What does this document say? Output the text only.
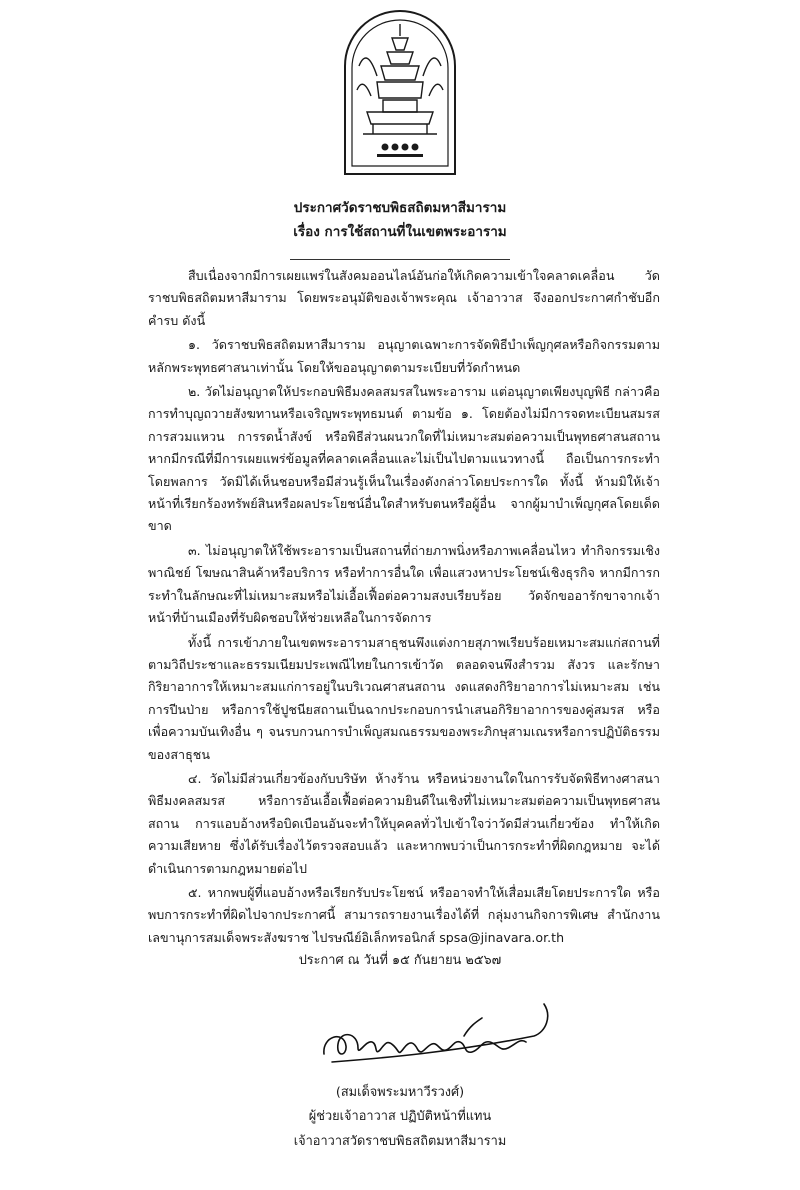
ประกาศวัดราชบพิธสถิตมหาสีมาราม
เรื่อง การใช้สถานที่ในเขตพระอาราม

สืบเนื่องจากมีการเผยแพร่ในสังคมออนไลน์อันก่อให้เกิดความเข้าใจคลาดเคลื่อน วัดราชบพิธสถิตมหาสีมาราม โดยพระอนุมัติของเจ้าพระคุณ เจ้าอาวาส จึงออกประกาศกำชับอีกคำรบ ดังนี้

๑. วัดราชบพิธสถิตมหาสีมาราม อนุญาตเฉพาะการจัดพิธีบำเพ็ญกุศลหรือกิจกรรมตามหลักพระพุทธศาสนาเท่านั้น โดยให้ขออนุญาตตามระเบียบที่วัดกำหนด

๒. วัดไม่อนุญาตให้ประกอบพิธีมงคลสมรสในพระอาราม แต่อนุญาตเพียงบุญพิธี กล่าวคือ การทำบุญถวายสังฆทานหรือเจริญพระพุทธมนต์ ตามข้อ ๑. โดยต้องไม่มีการจดทะเบียนสมรส การสวมแหวน การรดน้ำสังข์ หรือพิธีส่วนผนวกใดที่ไม่เหมาะสมต่อความเป็นพุทธศาสนสถาน หากมีกรณีที่มีการเผยแพร่ข้อมูลที่คลาดเคลื่อนและไม่เป็นไปตามแนวทางนี้ ถือเป็นการกระทำโดยพลการ วัดมิได้เห็นชอบหรือมีส่วนรู้เห็นในเรื่องดังกล่าวโดยประการใด ทั้งนี้ ห้ามมิให้เจ้าหน้าที่เรียกร้องทรัพย์สินหรือผลประโยชน์อื่นใดสำหรับตนหรือผู้อื่น จากผู้มาบำเพ็ญกุศลโดยเด็ดขาด

๓. ไม่อนุญาตให้ใช้พระอารามเป็นสถานที่ถ่ายภาพนิ่งหรือภาพเคลื่อนไหว ทำกิจกรรมเชิงพาณิชย์ โฆษณาสินค้าหรือบริการ หรือทำการอื่นใด เพื่อแสวงหาประโยชน์เชิงธุรกิจ หากมีการกระทำในลักษณะที่ไม่เหมาะสมหรือไม่เอื้อเฟื้อต่อความสงบเรียบร้อย วัดจักขออารักขาจากเจ้าหน้าที่บ้านเมืองที่รับผิดชอบให้ช่วยเหลือในการจัดการ

ทั้งนี้ การเข้าภายในเขตพระอารามสาธุชนพึงแต่งกายสุภาพเรียบร้อยเหมาะสมแก่สถานที่ตามวิถีประชาและธรรมเนียมประเพณีไทยในการเข้าวัด ตลอดจนพึงสำรวม สังวร และรักษากิริยาอาการให้เหมาะสมแก่การอยู่ในบริเวณศาสนสถาน งดแสดงกิริยาอาการไม่เหมาะสม เช่น การปีนป่าย หรือการใช้ปูชนียสถานเป็นฉากประกอบการนำเสนอกิริยาอาการของคู่สมรส หรือเพื่อความบันเทิงอื่น ๆ จนรบกวนการบำเพ็ญสมณธรรมของพระภิกษุสามเณรหรือการปฏิบัติธรรมของสาธุชน

๔. วัดไม่มีส่วนเกี่ยวข้องกับบริษัท ห้างร้าน หรือหน่วยงานใดในการรับจัดพิธีทางศาสนาพิธีมงคลสมรส หรือการอันเอื้อเฟื้อต่อความยินดีในเชิงที่ไม่เหมาะสมต่อความเป็นพุทธศาสนสถาน การแอบอ้างหรือบิดเบือนอันจะทำให้บุคคลทั่วไปเข้าใจว่าวัดมีส่วนเกี่ยวข้อง ทำให้เกิดความเสียหาย ซึ่งได้รับเรื่องไว้ตรวจสอบแล้ว และหากพบว่าเป็นการกระทำที่ผิดกฎหมาย จะได้ดำเนินการตามกฎหมายต่อไป

๕. หากพบผู้ที่แอบอ้างหรือเรียกรับประโยชน์ หรืออาจทำให้เสื่อมเสียโดยประการใด หรือพบการกระทำที่ผิดไปจากประกาศนี้ สามารถรายงานเรื่องได้ที่ กลุ่มงานกิจการพิเศษ สำนักงานเลขานุการสมเด็จพระสังฆราช ไปรษณีย์อิเล็กทรอนิกส์ spsa@jinavara.or.th

ประกาศ ณ วันที่ ๑๕ กันยายน ๒๕๖๗
(สมเด็จพระมหาวีรวงศ์)
ผู้ช่วยเจ้าอาวาส ปฏิบัติหน้าที่แทน
เจ้าอาวาสวัดราชบพิธสถิตมหาสีมาราม
